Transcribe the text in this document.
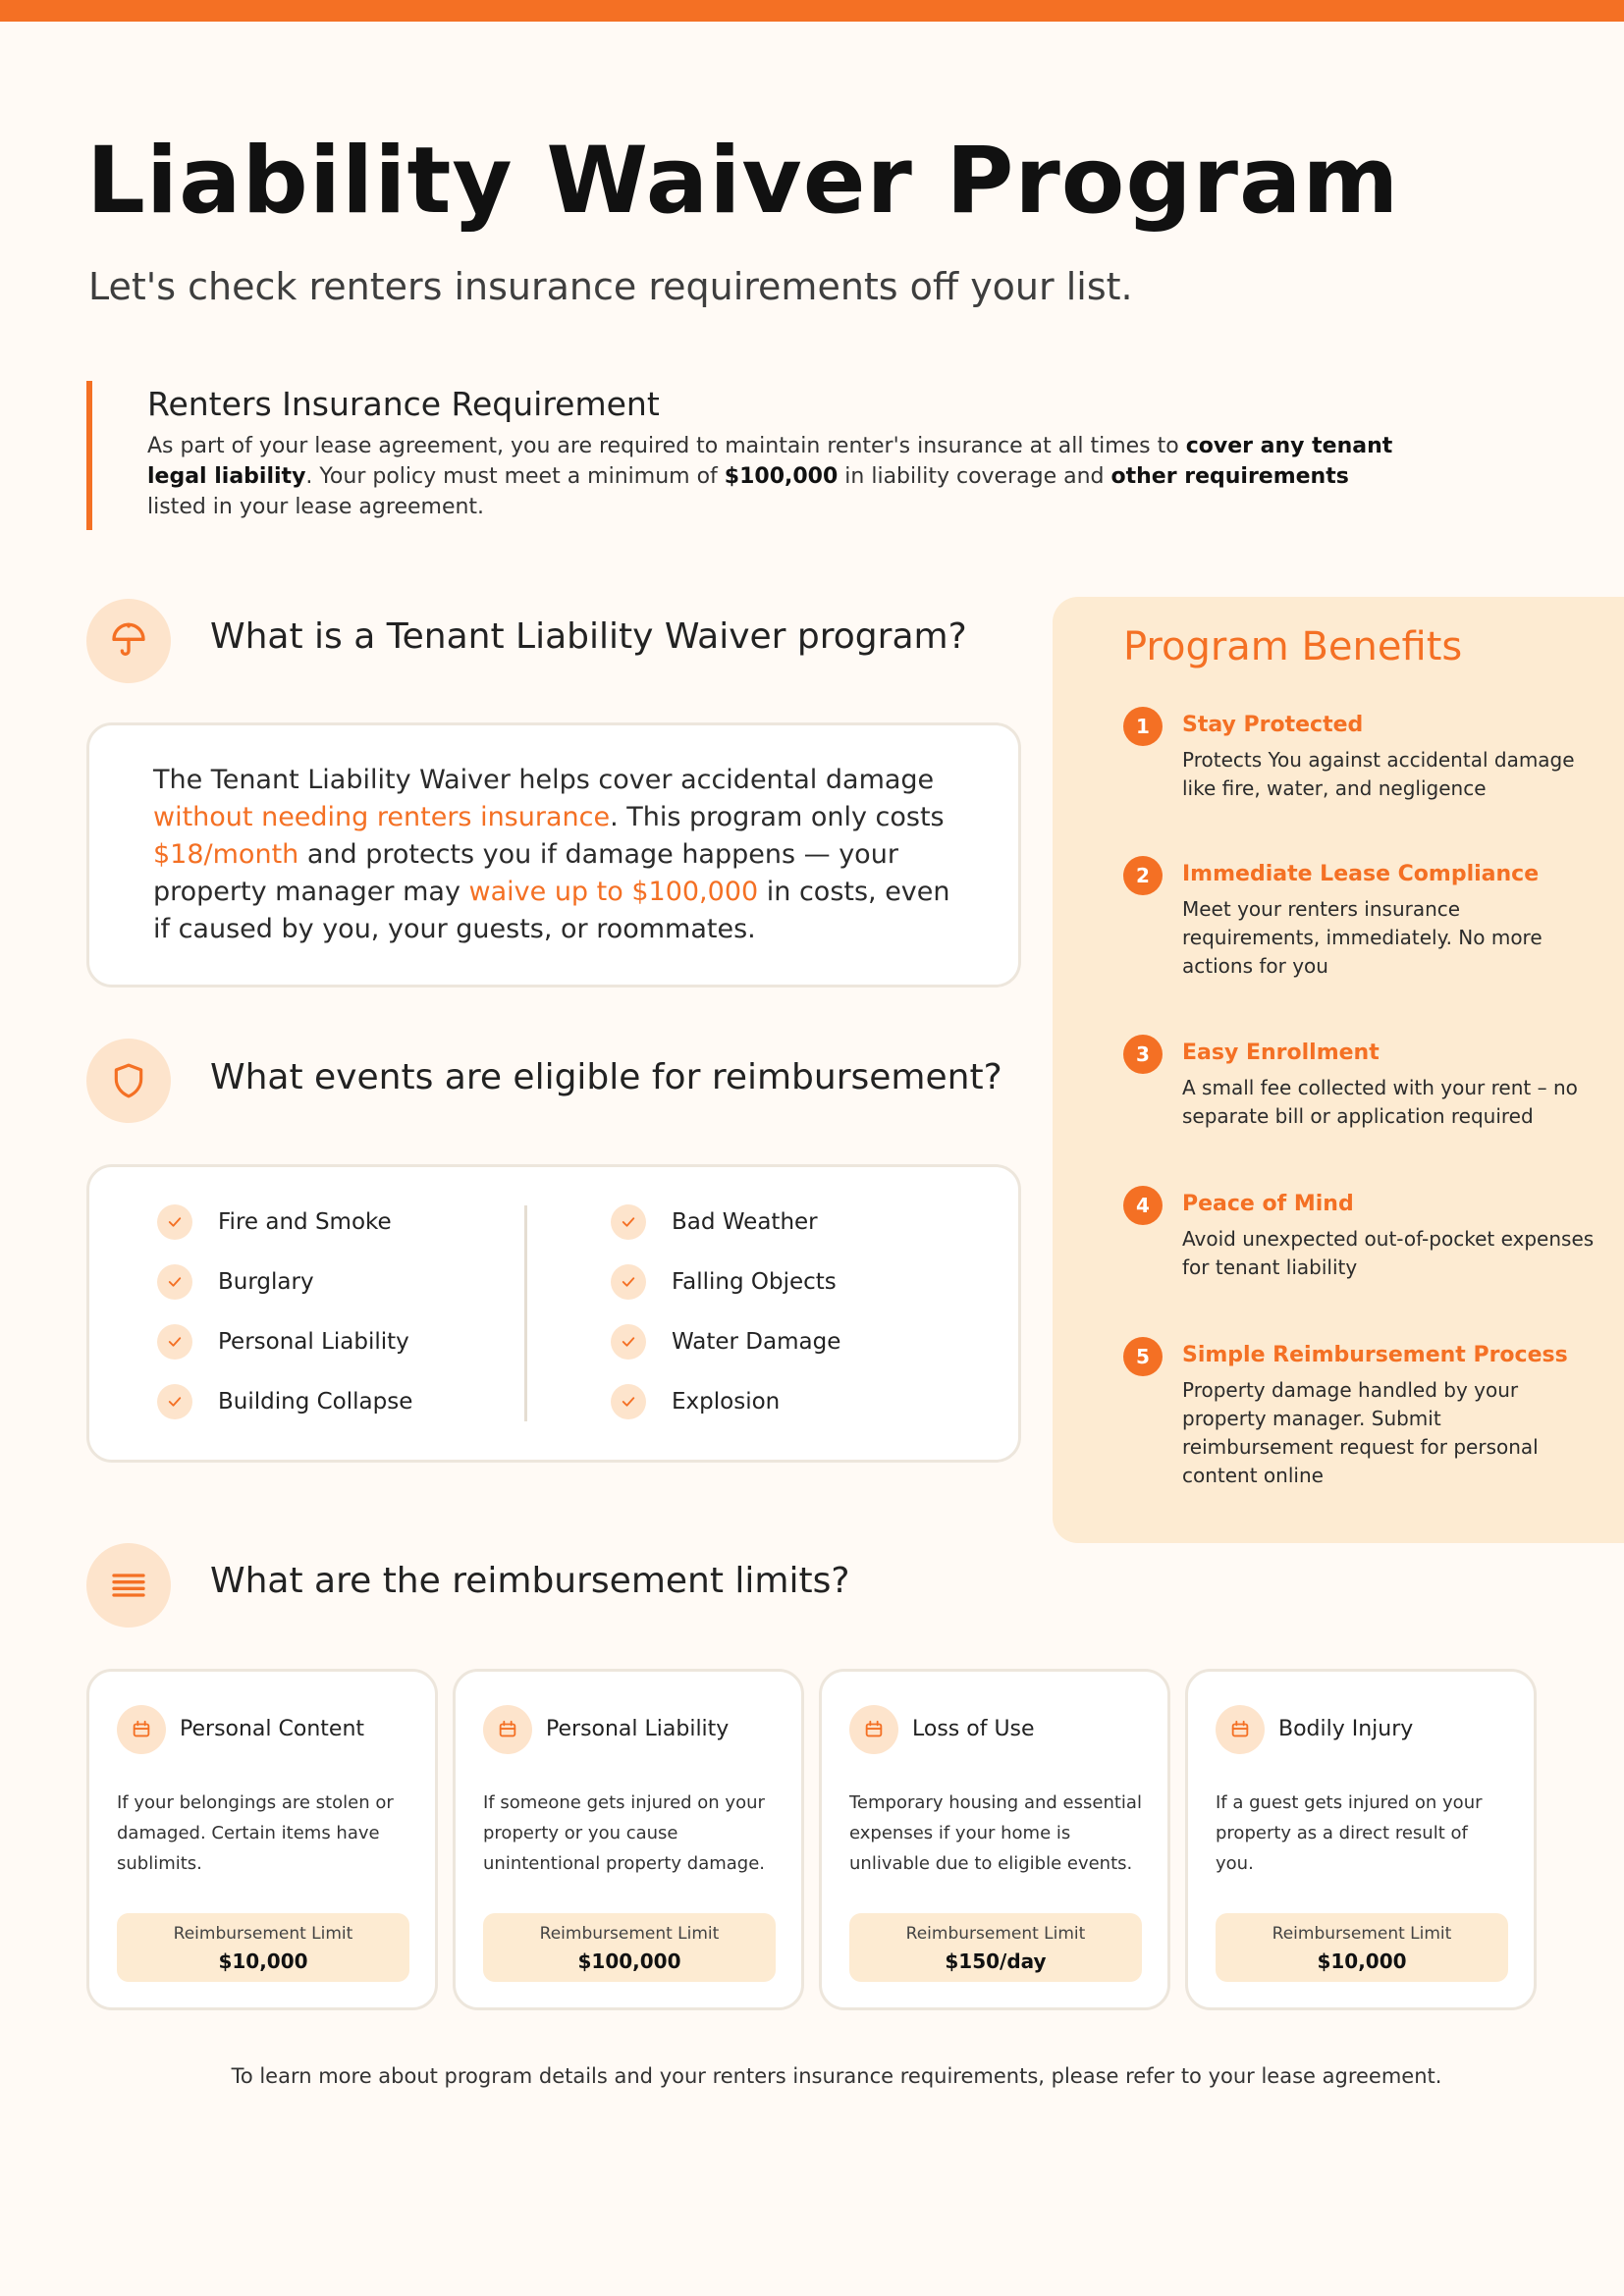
Liability Waiver Program
Let's check renters insurance requirements off your list.
Renters Insurance Requirement
As part of your lease agreement, you are required to maintain renter's insurance at all times to cover any tenant legal liability. Your policy must meet a minimum of $100,000 in liability coverage and other requirements listed in your lease agreement.
What is a Tenant Liability Waiver program?
The Tenant Liability Waiver helps cover accidental damage without needing renters insurance. This program only costs $18/month and protects you if damage happens — your property manager may waive up to $100,000 in costs, even if caused by you, your guests, or roommates.
What events are eligible for reimbursement?
Fire and Smoke
Burglary
Personal Liability
Building Collapse
Bad Weather
Falling Objects
Water Damage
Explosion
Program Benefits
1	Stay Protected
Protects You against accidental damage like fire, water, and negligence
2	Immediate Lease Compliance
Meet your renters insurance requirements, immediately. No more actions for you
3	Easy Enrollment
A small fee collected with your rent – no separate bill or application required
4	Peace of Mind
Avoid unexpected out-of-pocket expenses for tenant liability
5	Simple Reimbursement Process
Property damage handled by your property manager. Submit reimbursement request for personal content online
What are the reimbursement limits?
Personal Content
If your belongings are stolen or damaged. Certain items have sublimits.
Reimbursement Limit
$10,000
Personal Liability
If someone gets injured on your property or you cause unintentional property damage.
Reimbursement Limit
$100,000
Loss of Use
Temporary housing and essential expenses if your home is unlivable due to eligible events.
Reimbursement Limit
$150/day
Bodily Injury
If a guest gets injured on your property as a direct result of you.
Reimbursement Limit
$10,000
To learn more about program details and your renters insurance requirements, please refer to your lease agreement.
